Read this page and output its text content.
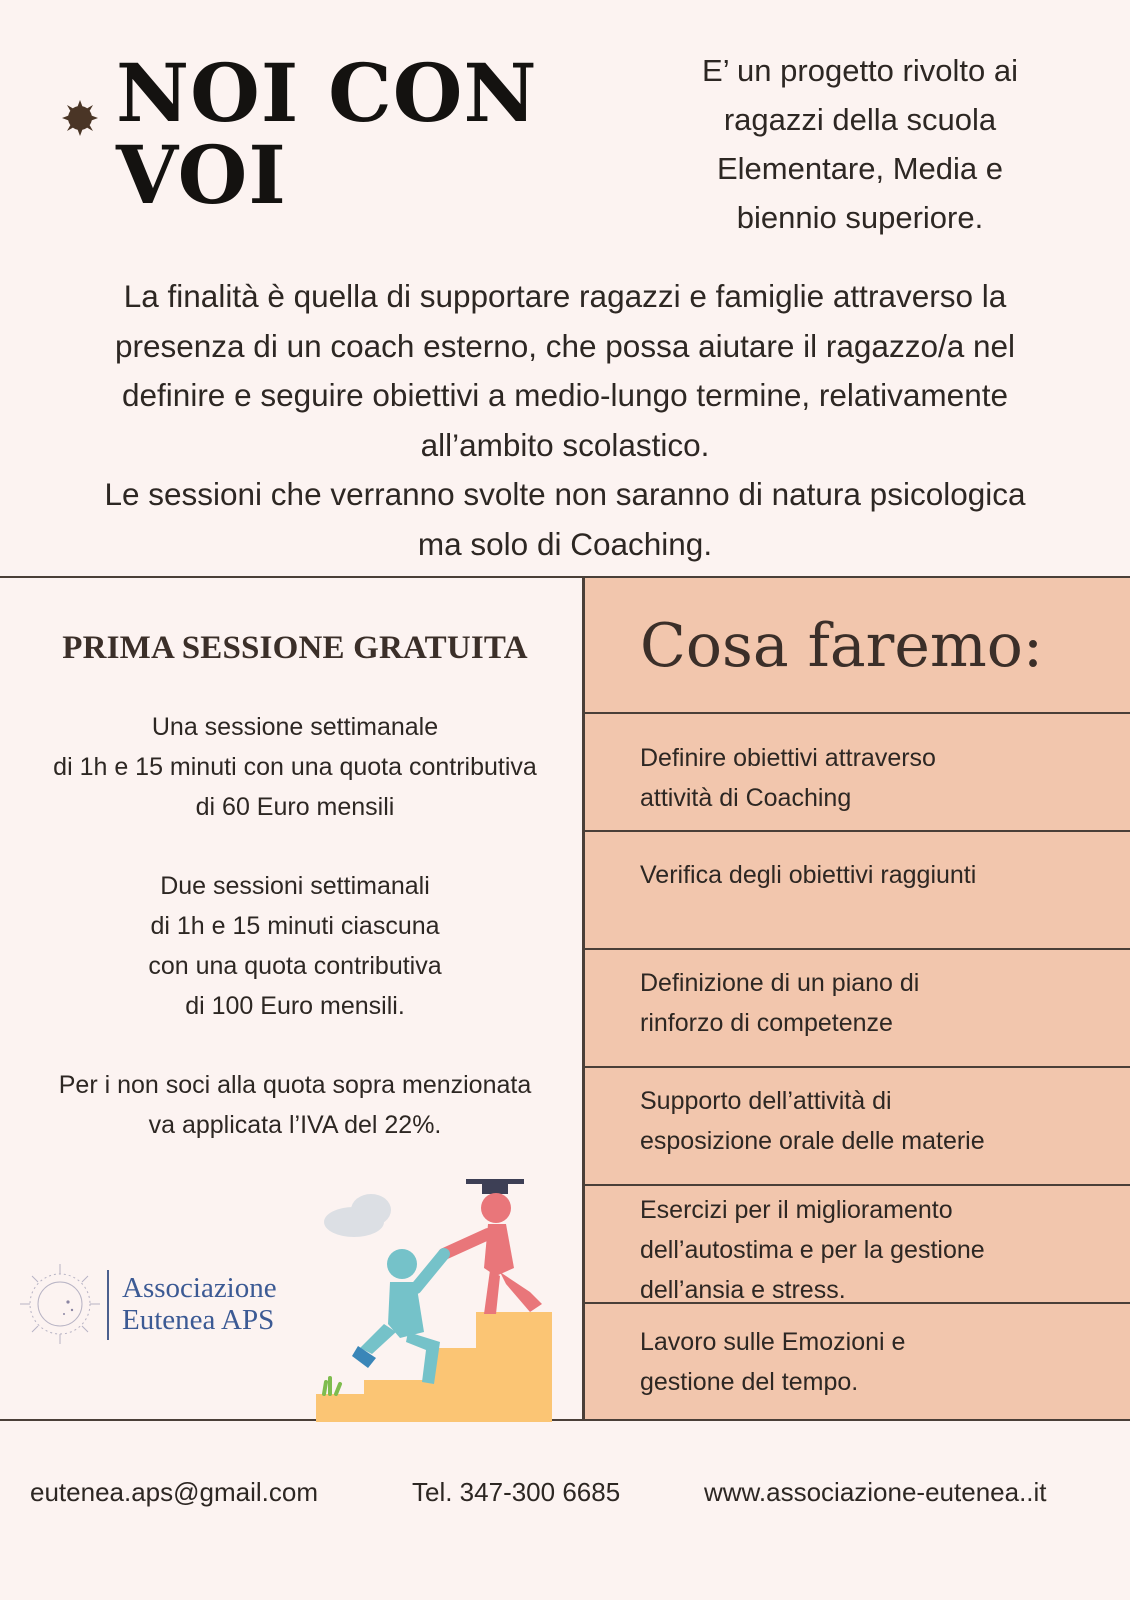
NOI CON
VOI

E’ un progetto rivolto ai
ragazzi della scuola
Elementare, Media e
biennio superiore.

La finalità è quella di supportare ragazzi e famiglie attraverso la
presenza di un coach esterno, che possa aiutare il ragazzo/a nel
definire e seguire obiettivi a medio-lungo termine, relativamente
all’ambito scolastico.
Le sessioni che verranno svolte non saranno di natura psicologica
ma solo di Coaching.

Cosa faremo:

Definire obiettivi attraverso
attività di Coaching

Verifica degli obiettivi raggiunti

Definizione di un piano di
rinforzo di competenze

Supporto dell’attività di
esposizione orale delle materie

Esercizi per il miglioramento
dell’autostima e per la gestione
dell’ansia e stress.

Lavoro sulle Emozioni e
gestione del tempo.

PRIMA SESSIONE GRATUITA

Una sessione settimanale
di 1h e 15 minuti con una quota contributiva
di 60 Euro mensili

Due sessioni settimanali
di 1h e 15 minuti ciascuna
con una quota contributiva
di 100 Euro mensili.

Per i non soci alla quota sopra menzionata
va applicata l’IVA del 22%.

Associazione
Eutenea APS

eutenea.aps@gmail.com	Tel. 347-300 6685	www.associazione-eutenea..it
